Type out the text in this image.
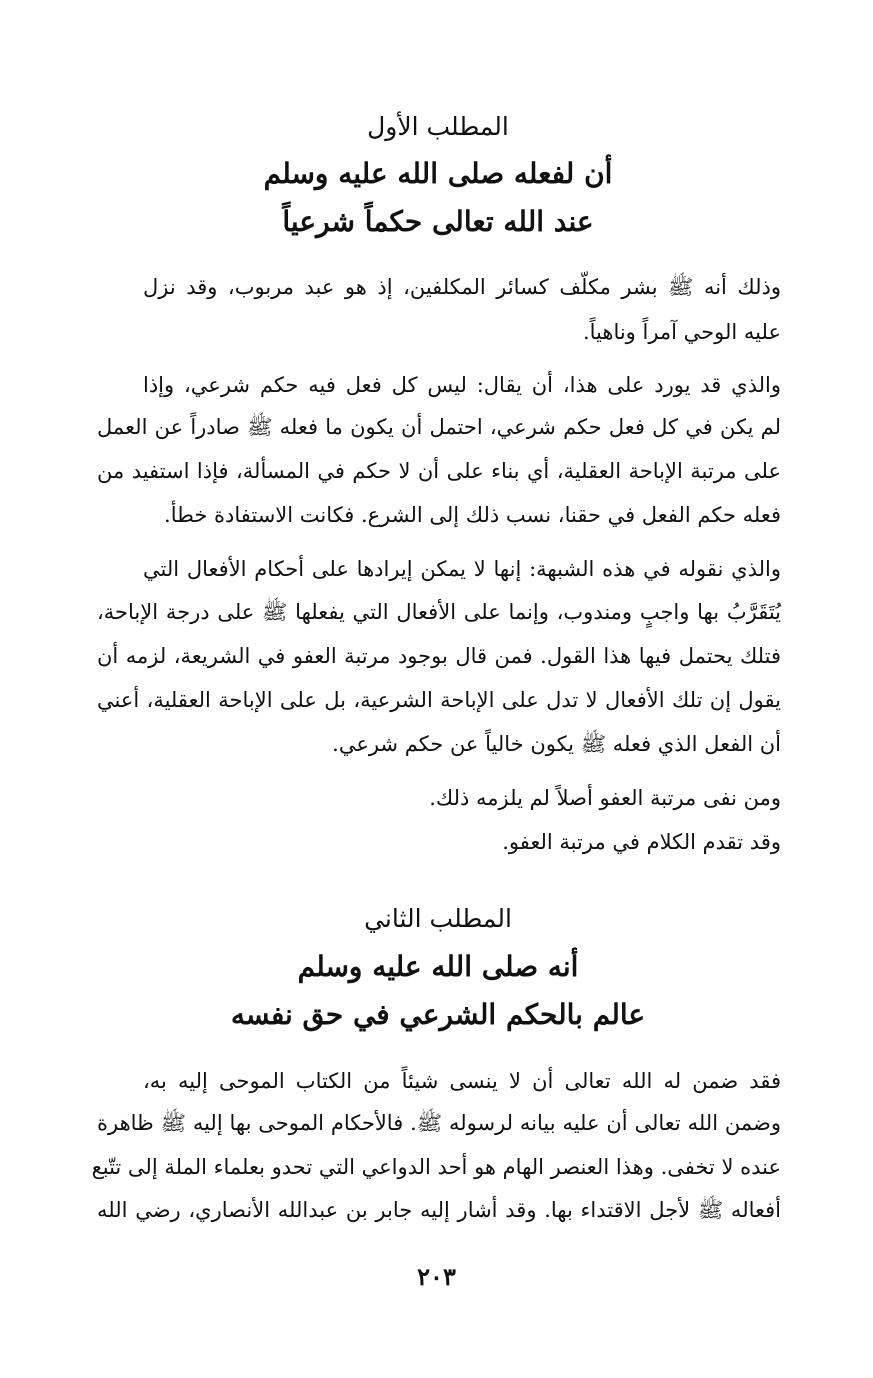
المطلب الأول
أن لفعله صلى الله عليه وسلم
عند الله تعالى حكماً شرعياً
وذلك أنه ﷺ بشر مكلّف كسائر المكلفين، إذ هو عبد مربوب، وقد نزل
عليه الوحي آمراً وناهياً.
والذي قد يورد على هذا، أن يقال: ليس كل فعل فيه حكم شرعي، وإذا
لم يكن في كل فعل حكم شرعي، احتمل أن يكون ما فعله ﷺ صادراً عن العمل
على مرتبة الإباحة العقلية، أي بناء على أن لا حكم في المسألة، فإذا استفيد من
فعله حكم الفعل في حقنا، نسب ذلك إلى الشرع. فكانت الاستفادة خطأ.
والذي نقوله في هذه الشبهة: إنها لا يمكن إيرادها على أحكام الأفعال التي
يُتَقَرَّبُ بها واجبٍ ومندوب، وإنما على الأفعال التي يفعلها ﷺ على درجة الإباحة،
فتلك يحتمل فيها هذا القول. فمن قال بوجود مرتبة العفو في الشريعة، لزمه أن
يقول إن تلك الأفعال لا تدل على الإباحة الشرعية، بل على الإباحة العقلية، أعني
أن الفعل الذي فعله ﷺ يكون خالياً عن حكم شرعي.
ومن نفى مرتبة العفو أصلاً لم يلزمه ذلك.
وقد تقدم الكلام في مرتبة العفو.
المطلب الثاني
أنه صلى الله عليه وسلم
عالم بالحكم الشرعي في حق نفسه
فقد ضمن له الله تعالى أن لا ينسى شيئاً من الكتاب الموحى إليه به،
وضمن الله تعالى أن عليه بيانه لرسوله ﷺ. فالأحكام الموحى بها إليه ﷺ ظاهرة
عنده لا تخفى. وهذا العنصر الهام هو أحد الدواعي التي تحدو بعلماء الملة إلى تتّبع
أفعاله ﷺ لأجل الاقتداء بها. وقد أشار إليه جابر بن عبدالله الأنصاري، رضي الله
٢٠٣
